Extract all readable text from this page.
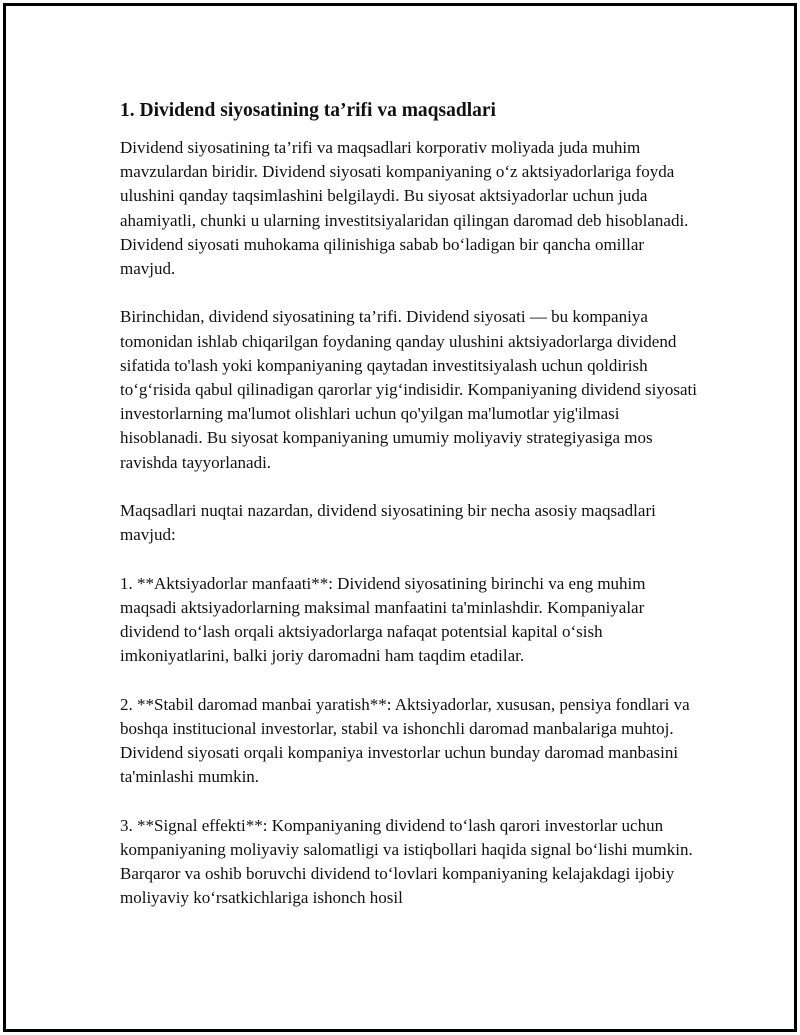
1. Dividend siyosatining ta’rifi va maqsadlari

Dividend siyosatining ta’rifi va maqsadlari korporativ moliyada juda muhim mavzulardan biridir. Dividend siyosati kompaniyaning o‘z aktsiyadorlariga foyda ulushini qanday taqsimlashini belgilaydi. Bu siyosat aktsiyadorlar uchun juda ahamiyatli, chunki u ularning investitsiyalaridan qilingan daromad deb hisoblanadi. Dividend siyosati muhokama qilinishiga sabab bo‘ladigan bir qancha omillar mavjud.

Birinchidan, dividend siyosatining ta’rifi. Dividend siyosati — bu kompaniya tomonidan ishlab chiqarilgan foydaning qanday ulushini aktsiyadorlarga dividend sifatida to'lash yoki kompaniyaning qaytadan investitsiyalash uchun qoldirish to‘g‘risida qabul qilinadigan qarorlar yig‘indisidir. Kompaniyaning dividend siyosati investorlarning ma'lumot olishlari uchun qo'yilgan ma'lumotlar yig'ilmasi hisoblanadi. Bu siyosat kompaniyaning umumiy moliyaviy strategiyasiga mos ravishda tayyorlanadi.

Maqsadlari nuqtai nazardan, dividend siyosatining bir necha asosiy maqsadlari mavjud:

1. **Aktsiyadorlar manfaati**: Dividend siyosatining birinchi va eng muhim maqsadi aktsiyadorlarning maksimal manfaatini ta'minlashdir. Kompaniyalar dividend to‘lash orqali aktsiyadorlarga nafaqat potentsial kapital o‘sish imkoniyatlarini, balki joriy daromadni ham taqdim etadilar.

2. **Stabil daromad manbai yaratish**: Aktsiyadorlar, xususan, pensiya fondlari va boshqa institucional investorlar, stabil va ishonchli daromad manbalariga muhtoj. Dividend siyosati orqali kompaniya investorlar uchun bunday daromad manbasini ta'minlashi mumkin.

3. **Signal effekti**: Kompaniyaning dividend to‘lash qarori investorlar uchun kompaniyaning moliyaviy salomatligi va istiqbollari haqida signal bo‘lishi mumkin. Barqaror va oshib boruvchi dividend to‘lovlari kompaniyaning kelajakdagi ijobiy moliyaviy ko‘rsatkichlariga ishonch hosil
